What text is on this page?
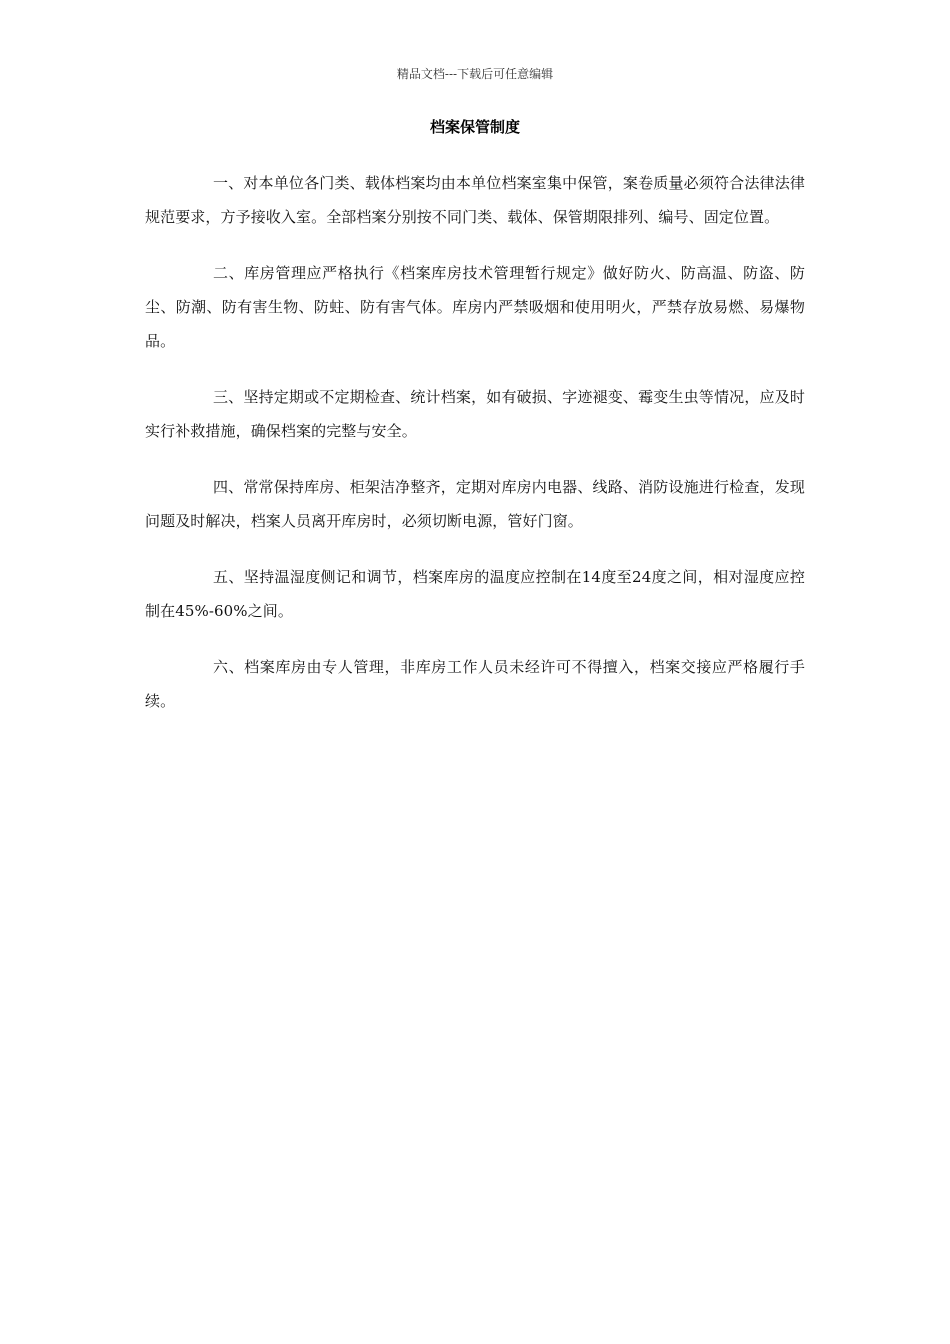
精品文档---下载后可任意编辑
档案保管制度

一、对本单位各门类、载体档案均由本单位档案室集中保管，案卷质量必须符合法律法律规范要求，方予接收入室。全部档案分别按不同门类、载体、保管期限排列、编号、固定位置。

二、库房管理应严格执行《档案库房技术管理暂行规定》做好防火、防高温、防盗、防尘、防潮、防有害生物、防蛀、防有害气体。库房内严禁吸烟和使用明火，严禁存放易燃、易爆物品。

三、坚持定期或不定期检查、统计档案，如有破损、字迹褪变、霉变生虫等情况，应及时实行补救措施，确保档案的完整与安全。

四、常常保持库房、柜架洁净整齐，定期对库房内电器、线路、消防设施进行检查，发现问题及时解决，档案人员离开库房时，必须切断电源，管好门窗。

五、坚持温湿度侧记和调节，档案库房的温度应控制在14度至24度之间，相对湿度应控制在45%-60%之间。

六、档案库房由专人管理，非库房工作人员未经许可不得擅入，档案交接应严格履行手续。
